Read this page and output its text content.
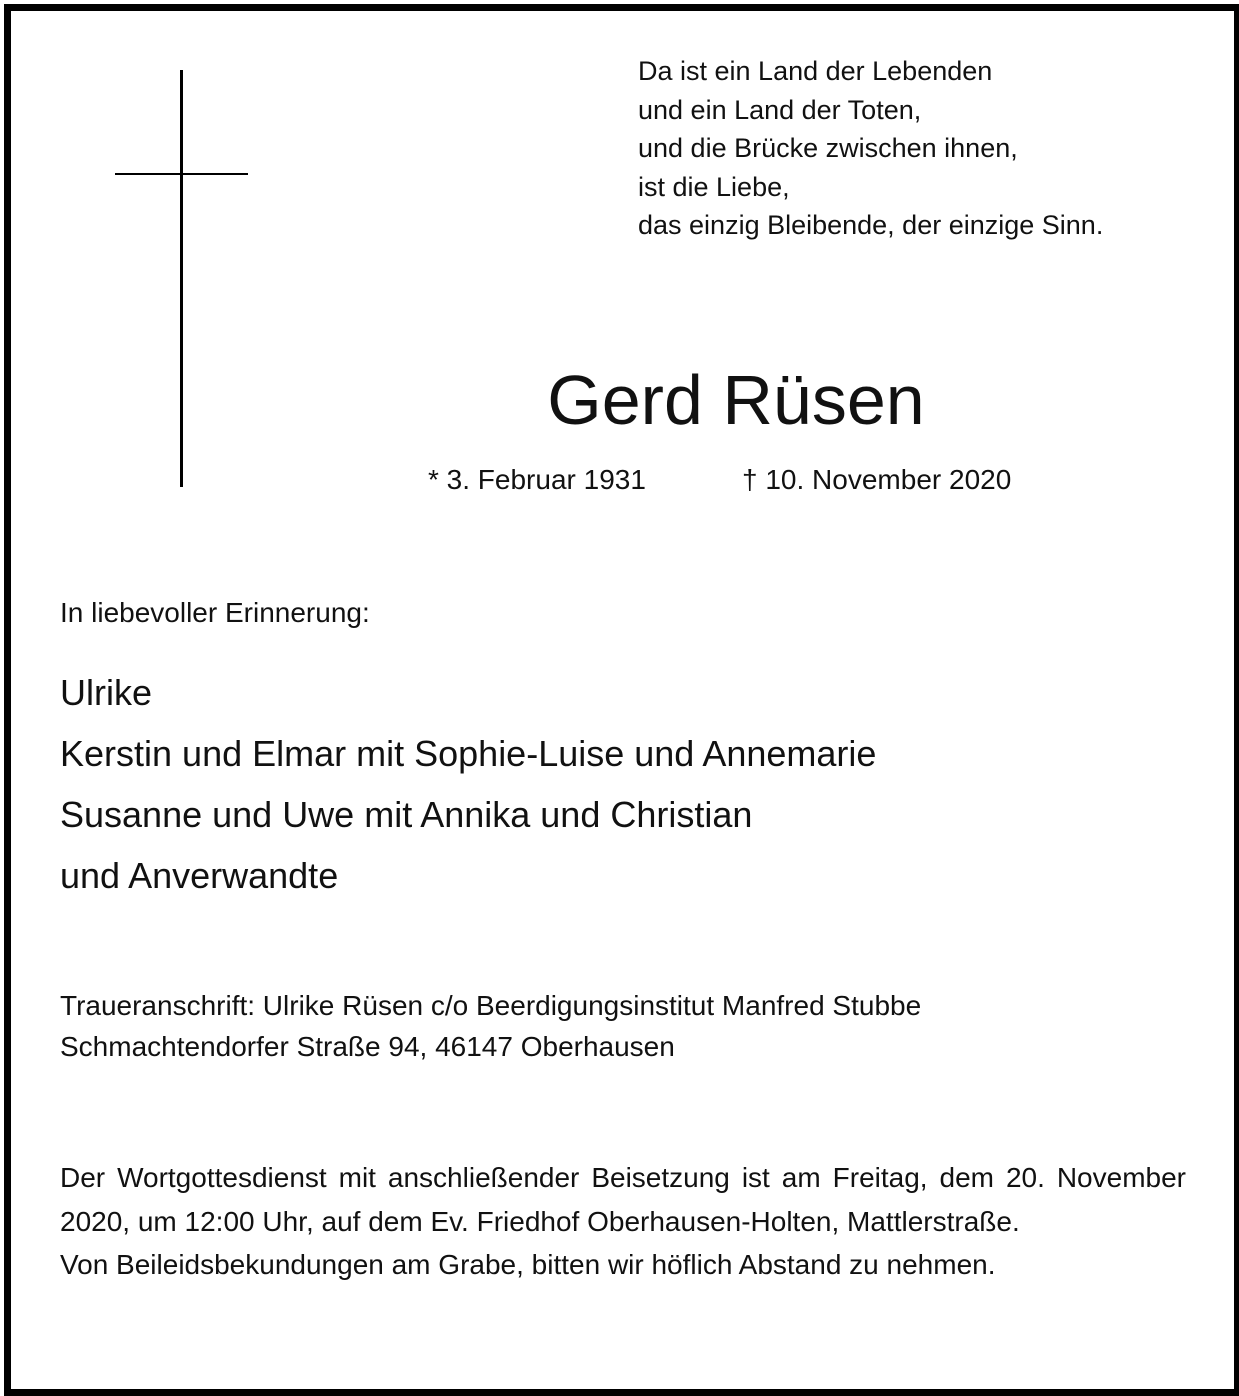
Da ist ein Land der Lebenden
und ein Land der Toten,
und die Brücke zwischen ihnen,
ist die Liebe,
das einzig Bleibende, der einzige Sinn.
Gerd Rüsen
* 3. Februar 1931	† 10. November 2020
In liebevoller Erinnerung:
Ulrike
Kerstin und Elmar mit Sophie-Luise und Annemarie
Susanne und Uwe mit Annika und Christian
und Anverwandte
Traueranschrift: Ulrike Rüsen c/o Beerdigungsinstitut Manfred Stubbe
Schmachtendorfer Straße 94, 46147 Oberhausen

Der Wortgottesdienst mit anschließender Beisetzung ist am Freitag, dem 20. November 2020, um 12:00 Uhr, auf dem Ev. Friedhof Oberhausen-Holten, Mattlerstraße.

Von Beileidsbekundungen am Grabe, bitten wir höflich Abstand zu nehmen.
